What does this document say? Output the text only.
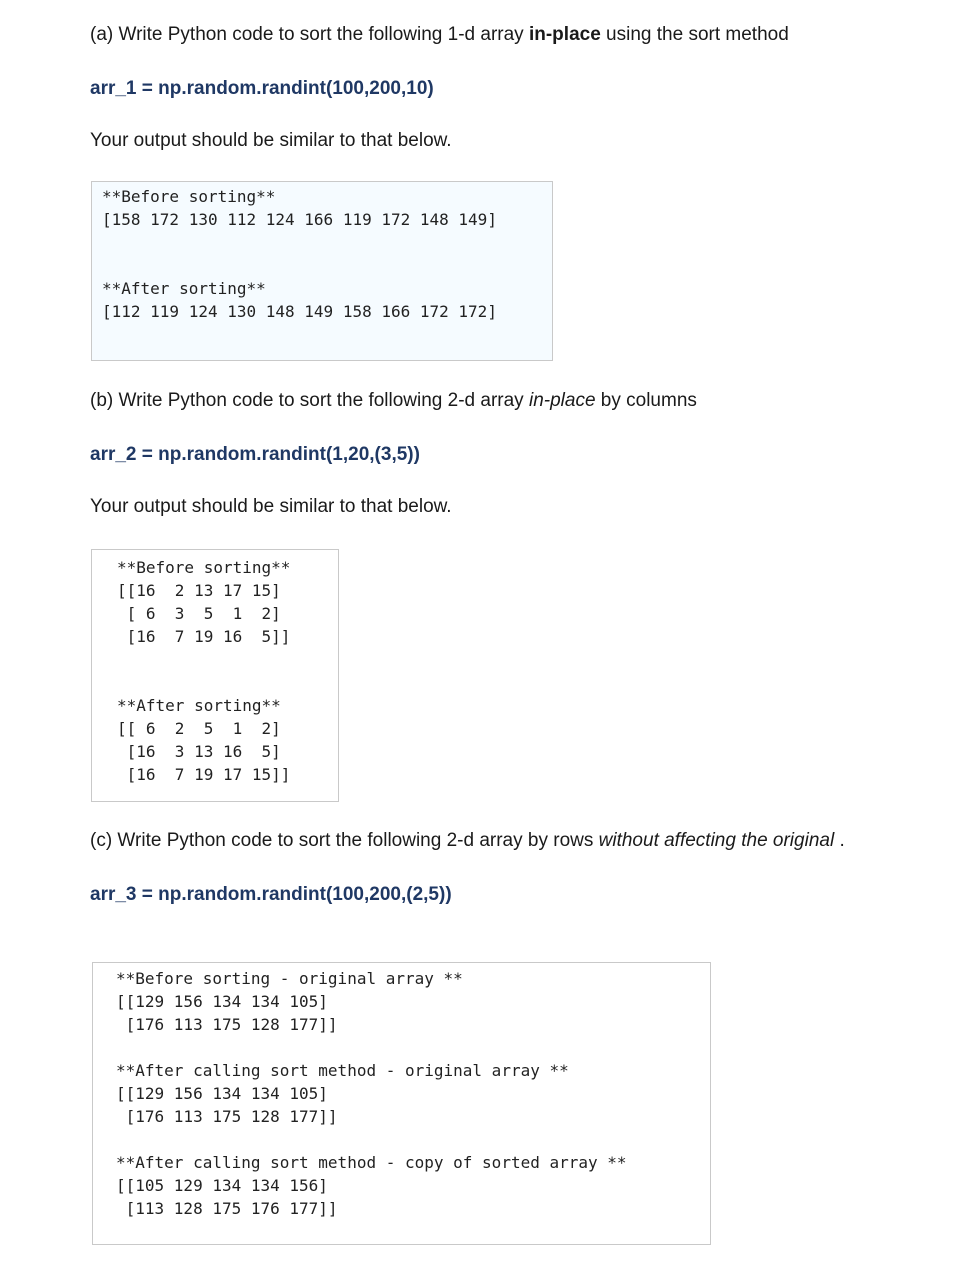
(a) Write Python code to sort the following 1-d array in-place using the sort method
arr_1 = np.random.randint(100,200,10)
Your output should be similar to that below.
**Before sorting**
[158 172 130 112 124 166 119 172 148 149]

**After sorting**
[112 119 124 130 148 149 158 166 172 172]
(b) Write Python code to sort the following 2-d array in-place by columns
arr_2 = np.random.randint(1,20,(3,5))
Your output should be similar to that below.
**Before sorting**
[[16  2 13 17 15]
[ 6  3  5  1  2]
[16  7 19 16  5]]

**After sorting**
[[ 6  2  5  1  2]
[16  3 13 16  5]
[16  7 19 17 15]]
(c) Write Python code to sort the following 2-d array by rows without affecting the original .
arr_3 = np.random.randint(100,200,(2,5))
**Before sorting - original array **
[[129 156 134 134 105]
[176 113 175 128 177]]

**After calling sort method - original array **
[[129 156 134 134 105]
[176 113 175 128 177]]

**After calling sort method - copy of sorted array **
[[105 129 134 134 156]
[113 128 175 176 177]]
